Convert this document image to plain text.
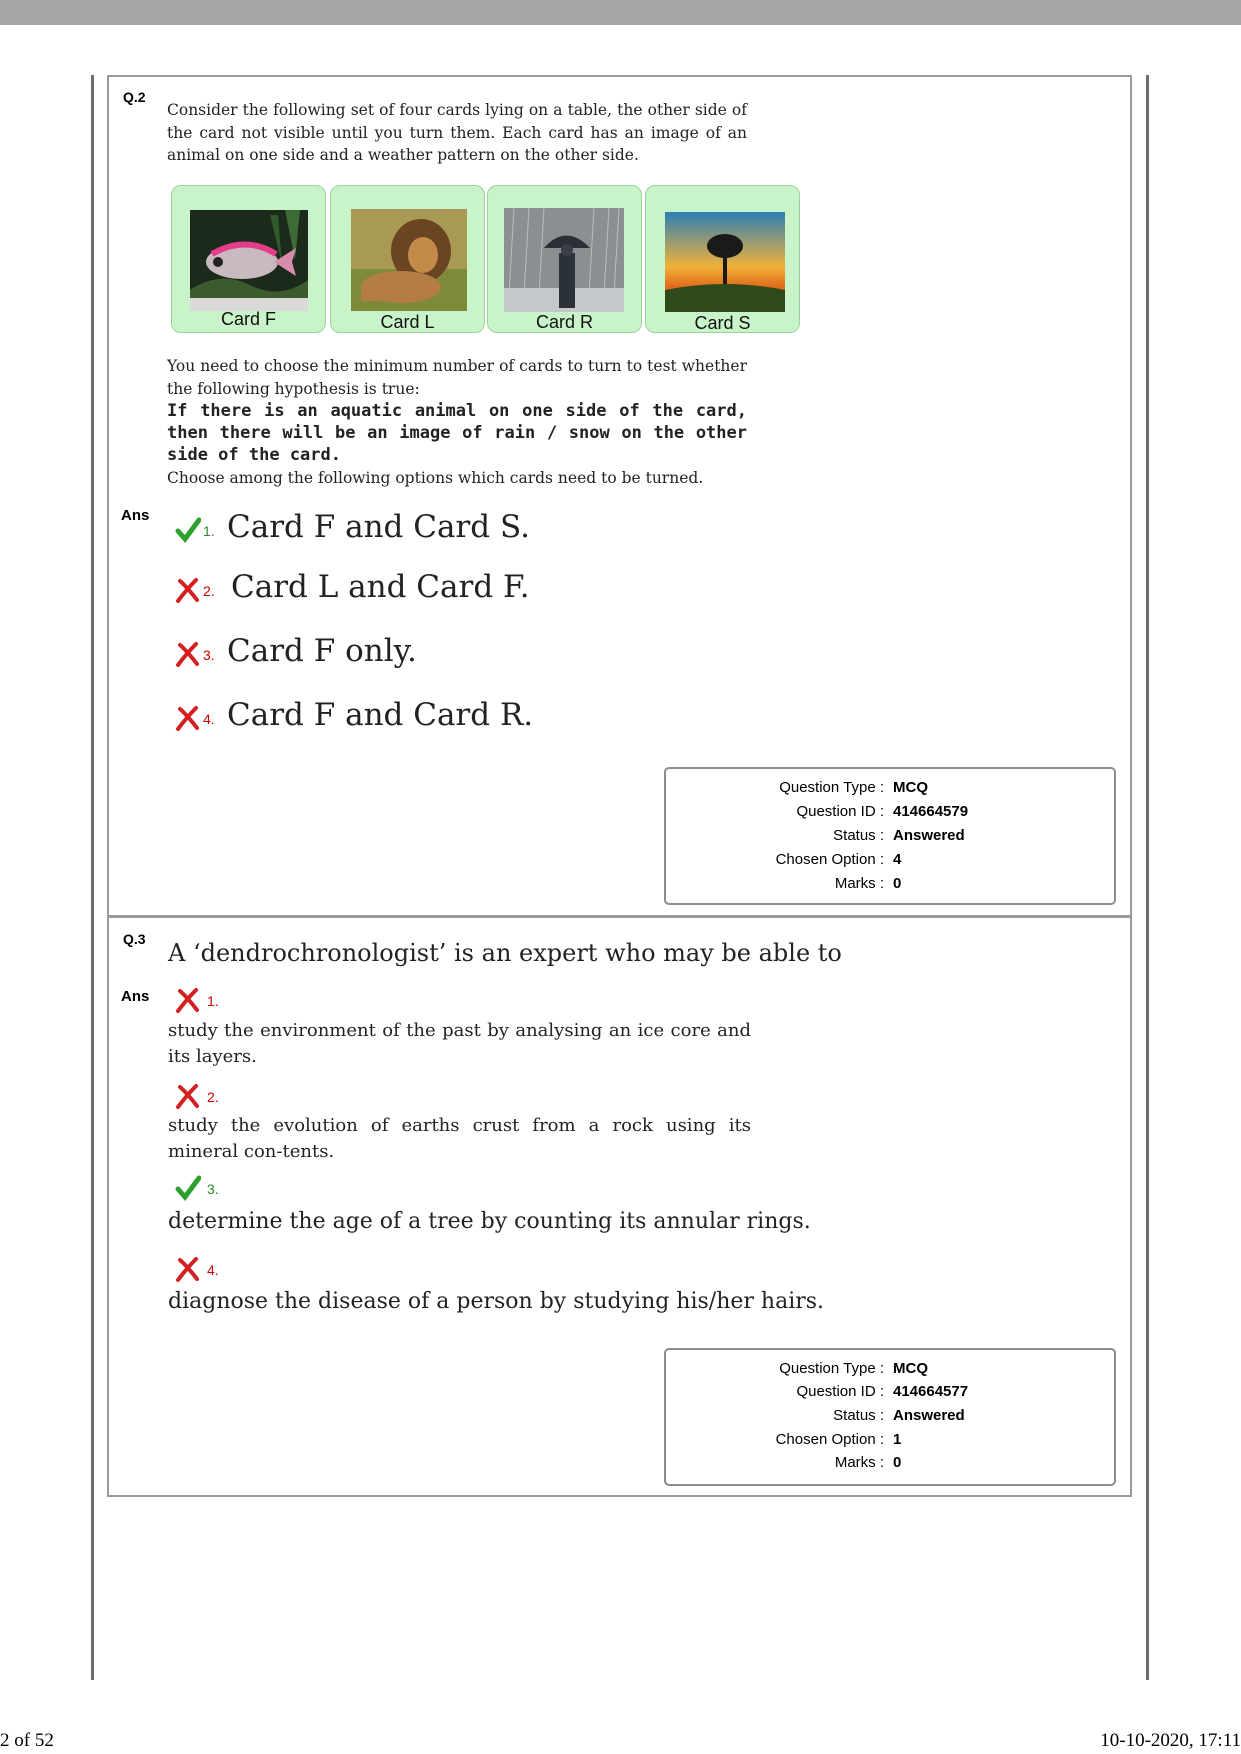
Q.2
Consider the following set of four cards lying on a table, the other side of the card not visible until you turn them. Each card has an image of an animal on one side and a weather pattern on the other side.
Card F	Card L	Card R	Card S
You need to choose the minimum number of cards to turn to test whether the following hypothesis is true:
If there is an aquatic animal on one side of the card, then there will be an image of rain / snow on the other side of the card.
Choose among the following options which cards need to be turned.
Ans
1. Card F and Card S.
2. Card L and Card F.
3. Card F only.
4. Card F and Card R.
Question Type : MCQ
Question ID : 414664579
Status : Answered
Chosen Option : 4
Marks : 0
Q.3 A ‘dendrochronologist’ is an expert who may be able to
Ans	1.
study the environment of the past by analysing an ice core and its layers.
2.
study the evolution of earths crust from a rock using its mineral con-tents.
3.
determine the age of a tree by counting its annular rings.
4.
diagnose the disease of a person by studying his/her hairs.
Question Type : MCQ
Question ID : 414664577
Status : Answered
Chosen Option : 1
Marks : 0
2 of 52	10-10-2020, 17:11
